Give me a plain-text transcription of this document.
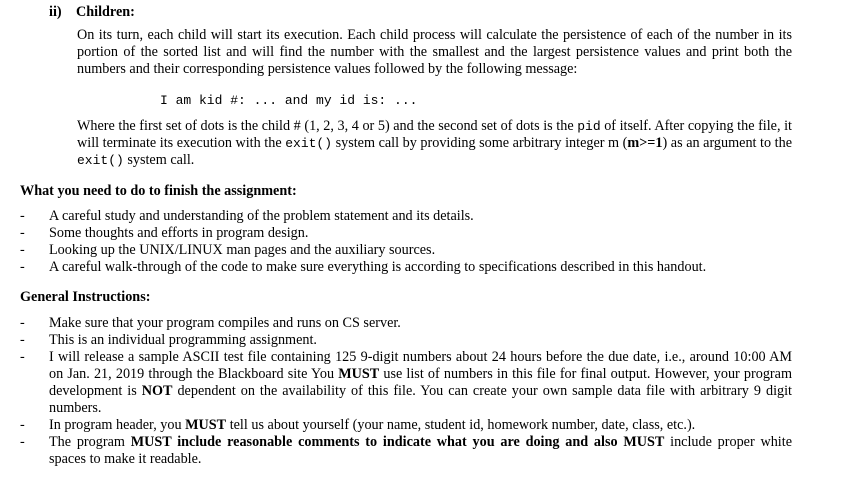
ii) Children:
On its turn, each child will start its execution. Each child process will calculate the persistence of each of the number in its portion of the sorted list and will find the number with the smallest and the largest persistence values and print both the numbers and their corresponding persistence values followed by the following message:
I am kid #: ... and my id is: ...
Where the first set of dots is the child # (1, 2, 3, 4 or 5) and the second set of dots is the pid of itself. After copying the file, it will terminate its execution with the exit() system call by providing some arbitrary integer m (m>=1) as an argument to the exit() system call.
What you need to do to finish the assignment:
- A careful study and understanding of the problem statement and its details.
- Some thoughts and efforts in program design.
- Looking up the UNIX/LINUX man pages and the auxiliary sources.
- A careful walk-through of the code to make sure everything is according to specifications described in this handout.
General Instructions:
- Make sure that your program compiles and runs on CS server.
- This is an individual programming assignment.
- I will release a sample ASCII test file containing 125 9-digit numbers about 24 hours before the due date, i.e., around 10:00 AM on Jan. 21, 2019 through the Blackboard site You MUST use list of numbers in this file for final output. However, your program development is NOT dependent on the availability of this file. You can create your own sample data file with arbitrary 9 digit numbers.
- In program header, you MUST tell us about yourself (your name, student id, homework number, date, class, etc.).
- The program MUST include reasonable comments to indicate what you are doing and also MUST include proper white spaces to make it readable.
